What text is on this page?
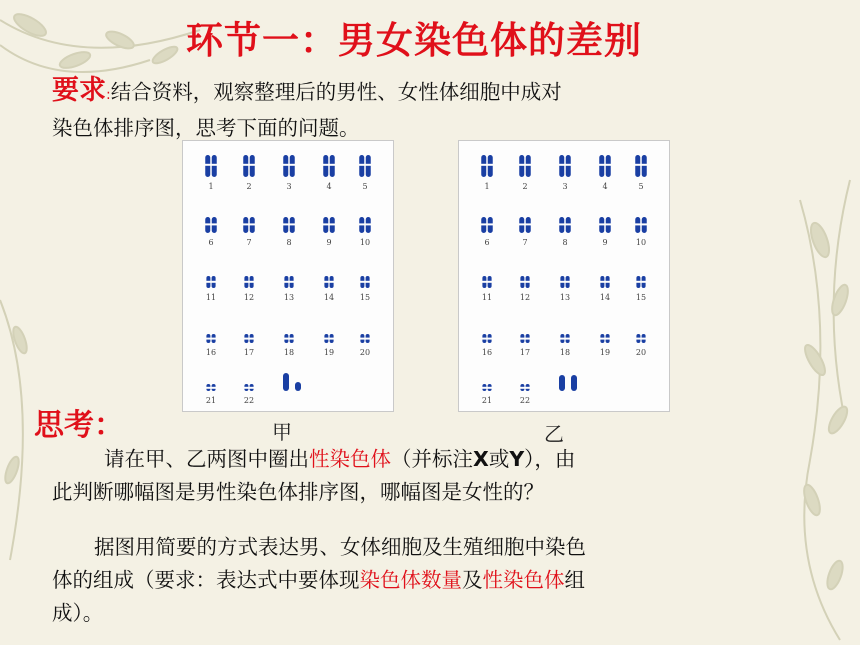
环节一：男女染色体的差别
要求:结合资料，观察整理后的男性、女性体细胞中成对
染色体排序图，思考下面的问题。
1	2	3	4	5
6	7	8	9	10
11	12	13	14	15
16	17	18	19	20
21	22
甲
1	2	3	4	5
6	7	8	9	10
11	12	13	14	15
16	17	18	19	20
21	22
乙
思考：
请在甲、乙两图中圈出性染色体（并标注X或Y），由
此判断哪幅图是男性染色体排序图，哪幅图是女性的？
据图用简要的方式表达男、女体细胞及生殖细胞中染色
体的组成（要求：表达式中要体现染色体数量及性染色体组
成）。
